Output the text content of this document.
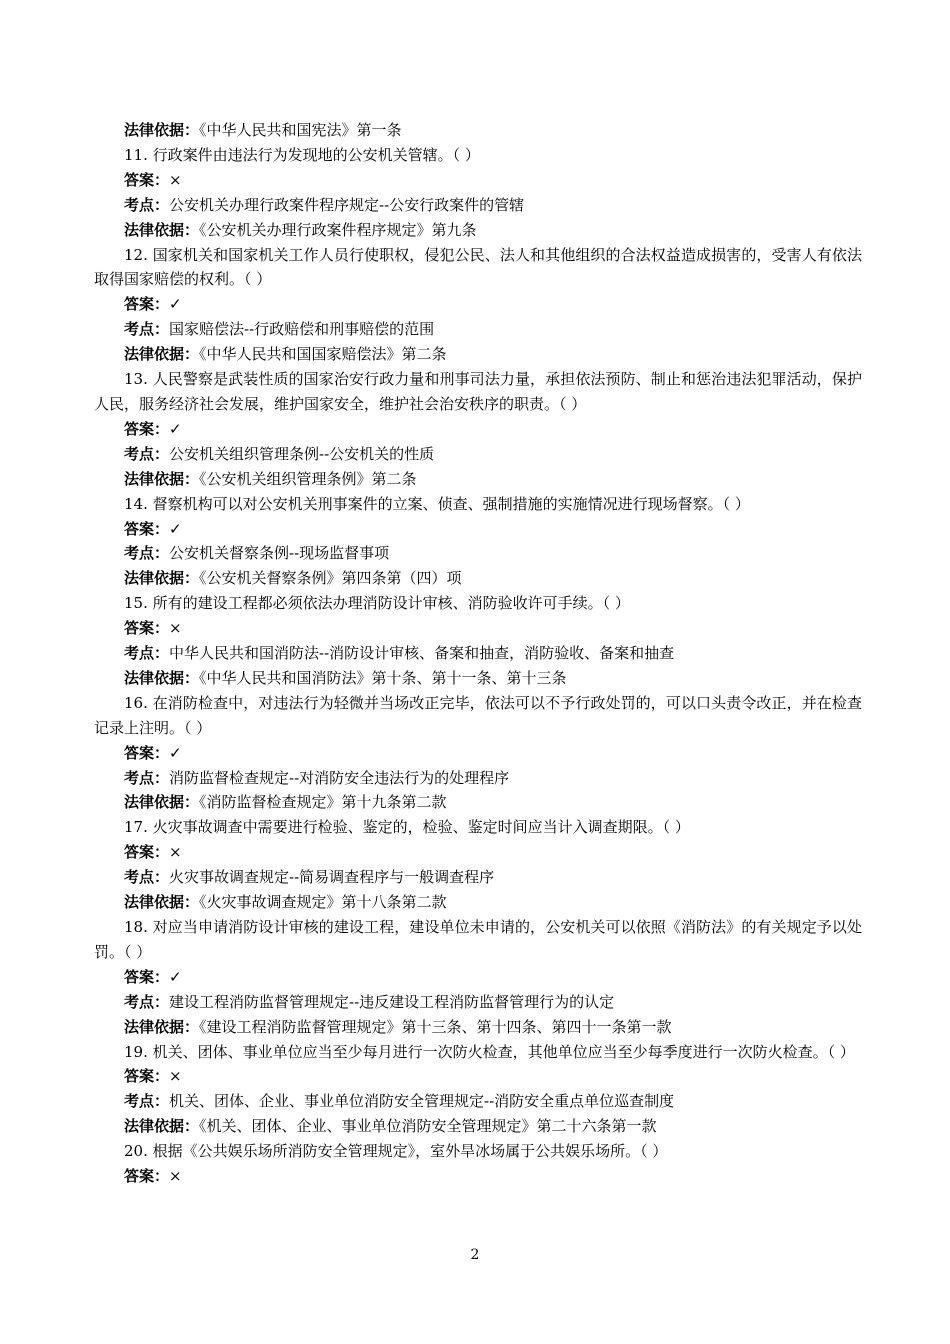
法律依据：《中华人民共和国宪法》第一条
11. 行政案件由违法行为发现地的公安机关管辖。（ ）
答案：×
考点：公安机关办理行政案件程序规定--公安行政案件的管辖
法律依据：《公安机关办理行政案件程序规定》第九条
12. 国家机关和国家机关工作人员行使职权，侵犯公民、法人和其他组织的合法权益造成损害的，受害人有依法取得国家赔偿的权利。（ ）
答案：✓
考点：国家赔偿法--行政赔偿和刑事赔偿的范围
法律依据：《中华人民共和国国家赔偿法》第二条
13. 人民警察是武装性质的国家治安行政力量和刑事司法力量，承担依法预防、制止和惩治违法犯罪活动，保护人民，服务经济社会发展，维护国家安全，维护社会治安秩序的职责。（ ）
答案：✓
考点：公安机关组织管理条例--公安机关的性质
法律依据：《公安机关组织管理条例》第二条
14. 督察机构可以对公安机关刑事案件的立案、侦查、强制措施的实施情况进行现场督察。（ ）
答案：✓
考点：公安机关督察条例--现场监督事项
法律依据：《公安机关督察条例》第四条第（四）项
15. 所有的建设工程都必须依法办理消防设计审核、消防验收许可手续。（ ）
答案：×
考点：中华人民共和国消防法--消防设计审核、备案和抽查，消防验收、备案和抽查
法律依据：《中华人民共和国消防法》第十条、第十一条、第十三条
16. 在消防检查中，对违法行为轻微并当场改正完毕，依法可以不予行政处罚的，可以口头责令改正，并在检查记录上注明。（ ）
答案：✓
考点：消防监督检查规定--对消防安全违法行为的处理程序
法律依据：《消防监督检查规定》第十九条第二款
17. 火灾事故调查中需要进行检验、鉴定的，检验、鉴定时间应当计入调查期限。（ ）
答案：×
考点：火灾事故调查规定--简易调查程序与一般调查程序
法律依据：《火灾事故调查规定》第十八条第二款
18. 对应当申请消防设计审核的建设工程，建设单位未申请的，公安机关可以依照《消防法》的有关规定予以处罚。（ ）
答案：✓
考点：建设工程消防监督管理规定--违反建设工程消防监督管理行为的认定
法律依据：《建设工程消防监督管理规定》第十三条、第十四条、第四十一条第一款
19. 机关、团体、事业单位应当至少每月进行一次防火检查，其他单位应当至少每季度进行一次防火检查。（ ）
答案：×
考点：机关、团体、企业、事业单位消防安全管理规定--消防安全重点单位巡查制度
法律依据：《机关、团体、企业、事业单位消防安全管理规定》第二十六条第一款
20. 根据《公共娱乐场所消防安全管理规定》，室外旱冰场属于公共娱乐场所。（ ）
答案：×
2
